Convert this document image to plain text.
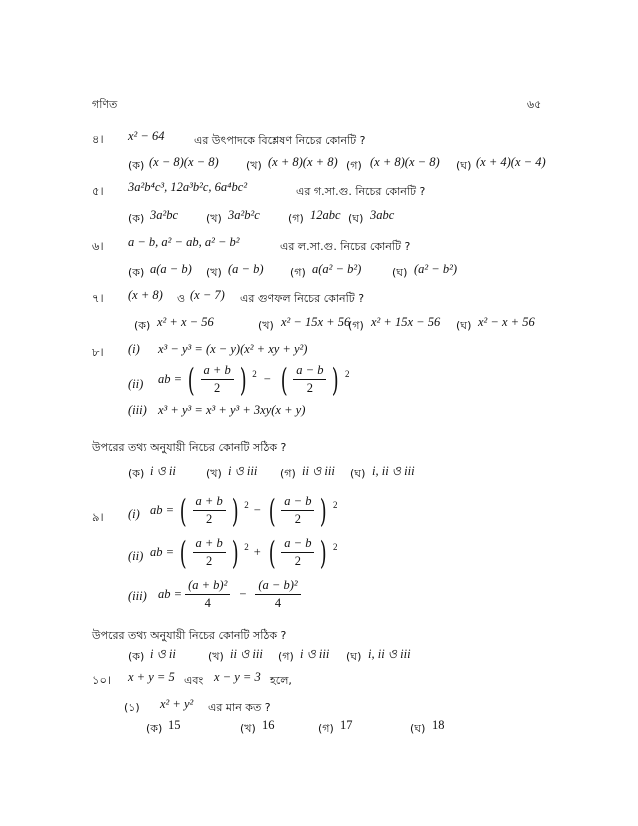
গণিত	৬৫
৪। x² − 64	এর উৎপাদকে বিশ্লেষণ নিচের কোনটি ?
(ক) (x − 8)(x − 8) (খ) (x + 8)(x + 8) (গ) (x + 8)(x − 8) (ঘ) (x + 4)(x − 4)
৫। 3a²b⁴c³, 12a³b²c, 6a⁴bc²	এর গ.সা.গু. নিচের কোনটি ?
(ক) 3a²bc	(খ) 3a²b²c	(গ) 12abc (ঘ) 3abc
৬। a − b, a² − ab, a² − b²	এর ল.সা.গু. নিচের কোনটি ?
(ক) a(a − b) (খ) (a − b) (গ) a(a² − b²)	(ঘ) (a² − b²)
৭। (x + 8) ও (x − 7) এর গুণফল নিচের কোনটি ?
(ক) x² + x − 56	(খ) x² − 15x + 56
(গ) x² + 15x − 56 (ঘ) x² − x + 56
৮। (i) x³ − y³ = (x − y)(x² + xy + y²)
(ii) ab = ( $\frac{a + b}{2}$ ) 2 − ( $\frac{a - b}{2}$ ) 2
(iii) x³ + y³ = x³ + y³ + 3xy(x + y)
উপরের তথ্য অনুযায়ী নিচের কোনটি সঠিক ?
(ক) i ও ii	(খ) i ও iii (গ) ii ও iii (ঘ) i, ii ও iii
৯। (i) ab = ( $\frac{a + b}{2}$ ) 2 − ( $\frac{a - b}{2}$ ) 2
(ii) ab = ( $\frac{a + b}{2}$ ) 2 + ( $\frac{a - b}{2}$ ) 2
(iii) ab = $\frac{\text{(a + b)²}}{4} - \frac{\text{(a − b)²}}{4}$
উপরের তথ্য অনুযায়ী নিচের কোনটি সঠিক ?
(ক) i ও ii	(খ) ii ও iii (গ) i ও iii (ঘ) i, ii ও iii
১০। x + y = 5 এবং x − y = 3 হলে,
(১) x² + y² এর মান কত ?
(ক) 15	(খ) 16	(গ) 17	(ঘ) 18
